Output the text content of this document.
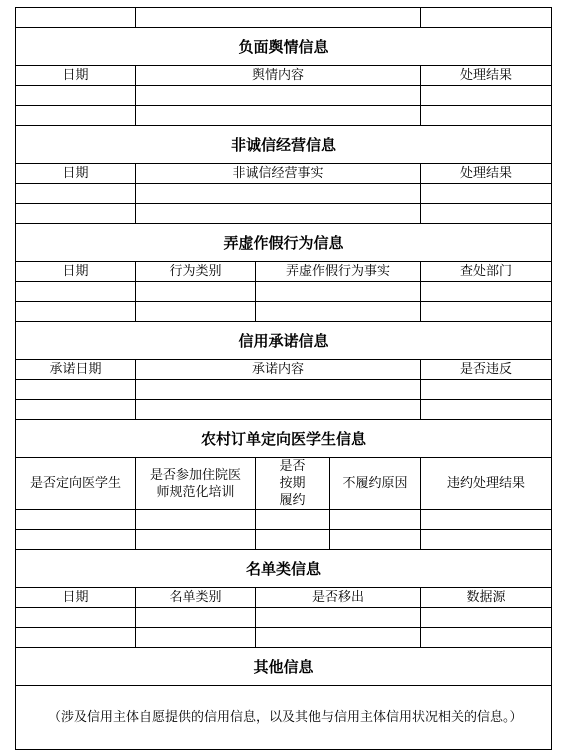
负面舆情信息				
日期	舆情内容			处理结果

非诚信经营信息				
日期	非诚信经营事实			处理结果

弄虚作假行为信息				
日期	行为类别	弄虚作假行为事实		查处部门

信用承诺信息				
承诺日期	承诺内容			是否违反

农村订单定向医学生信息				
是否定向医学生	是否参加住院医师规范化培训	是否按期履约	不履约原因	违约处理结果

名单类信息				
日期	名单类别	是否移出		数据源

其他信息				

（涉及信用主体自愿提供的信用信息，以及其他与信用主体信用状况相关的信息。）				
